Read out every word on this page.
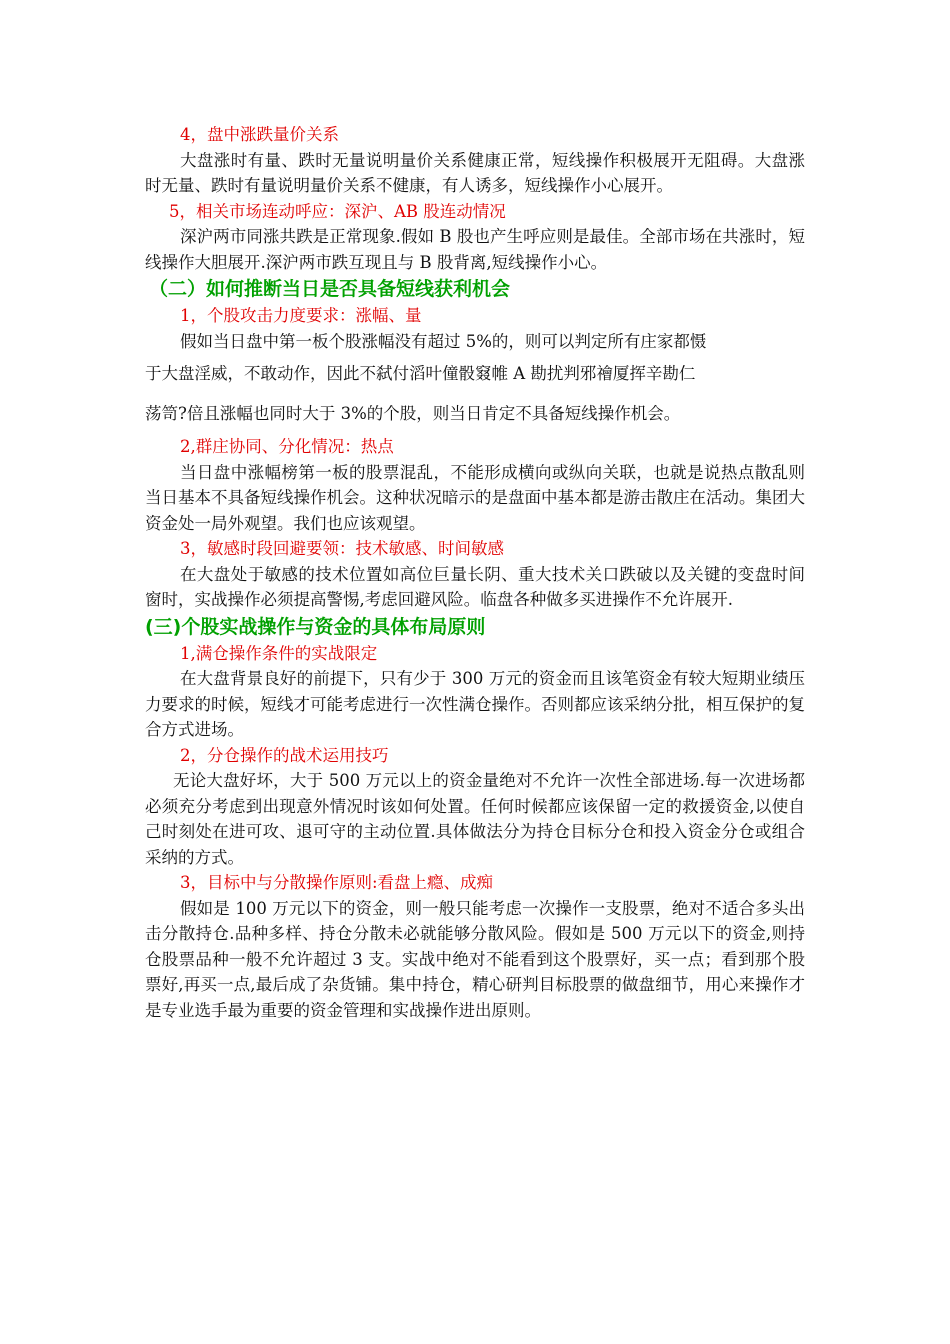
4，盘中涨跌量价关系
大盘涨时有量、跌时无量说明量价关系健康正常，短线操作积极展开无阻碍。大盘涨时无量、跌时有量说明量价关系不健康，有人诱多，短线操作小心展开。
5，相关市场连动呼应：深沪、AB 股连动情况
深沪两市同涨共跌是正常现象.假如 B 股也产生呼应则是最佳。全部市场在共涨时，短线操作大胆展开.深沪两市跌互现且与 B 股背离,短线操作小心。
（二）如何推断当日是否具备短线获利机会
1，个股攻击力度要求：涨幅、量
假如当日盘中第一板个股涨幅没有超过 5%的，则可以判定所有庄家都慑
于大盘淫威，不敢动作，因此不弑付滔叶僮骰窡帷 A 勘扰判邪禬厦挥辛勘仁
荡笥?倍且涨幅也同时大于 3%的个股，则当日肯定不具备短线操作机会。
2,群庄协同、分化情况：热点
当日盘中涨幅榜第一板的股票混乱，不能形成横向或纵向关联，也就是说热点散乱则当日基本不具备短线操作机会。这种状况暗示的是盘面中基本都是游击散庄在活动。集团大资金处一局外观望。我们也应该观望。
3，敏感时段回避要领：技术敏感、时间敏感
在大盘处于敏感的技术位置如高位巨量长阴、重大技术关口跌破以及关键的变盘时间窗时，实战操作必须提高警惕,考虑回避风险。临盘各种做多买进操作不允许展开.
(三)个股实战操作与资金的具体布局原则
1,满仓操作条件的实战限定
在大盘背景良好的前提下，只有少于 300 万元的资金而且该笔资金有较大短期业绩压力要求的时候，短线才可能考虑进行一次性满仓操作。否则都应该采纳分批，相互保护的复合方式进场。
2，分仓操作的战术运用技巧
无论大盘好坏，大于 500 万元以上的资金量绝对不允许一次性全部进场.每一次进场都必须充分考虑到出现意外情况时该如何处置。任何时候都应该保留一定的救援资金,以使自己时刻处在进可攻、退可守的主动位置.具体做法分为持仓目标分仓和投入资金分仓或组合采纳的方式。
3，目标中与分散操作原则:看盘上瘾、成痴
假如是 100 万元以下的资金，则一般只能考虑一次操作一支股票，绝对不适合多头出击分散持仓.品种多样、持仓分散未必就能够分散风险。假如是 500 万元以下的资金,则持仓股票品种一般不允许超过 3 支。实战中绝对不能看到这个股票好，买一点；看到那个股票好,再买一点,最后成了杂货铺。集中持仓，精心研判目标股票的做盘细节，用心来操作才是专业选手最为重要的资金管理和实战操作进出原则。
